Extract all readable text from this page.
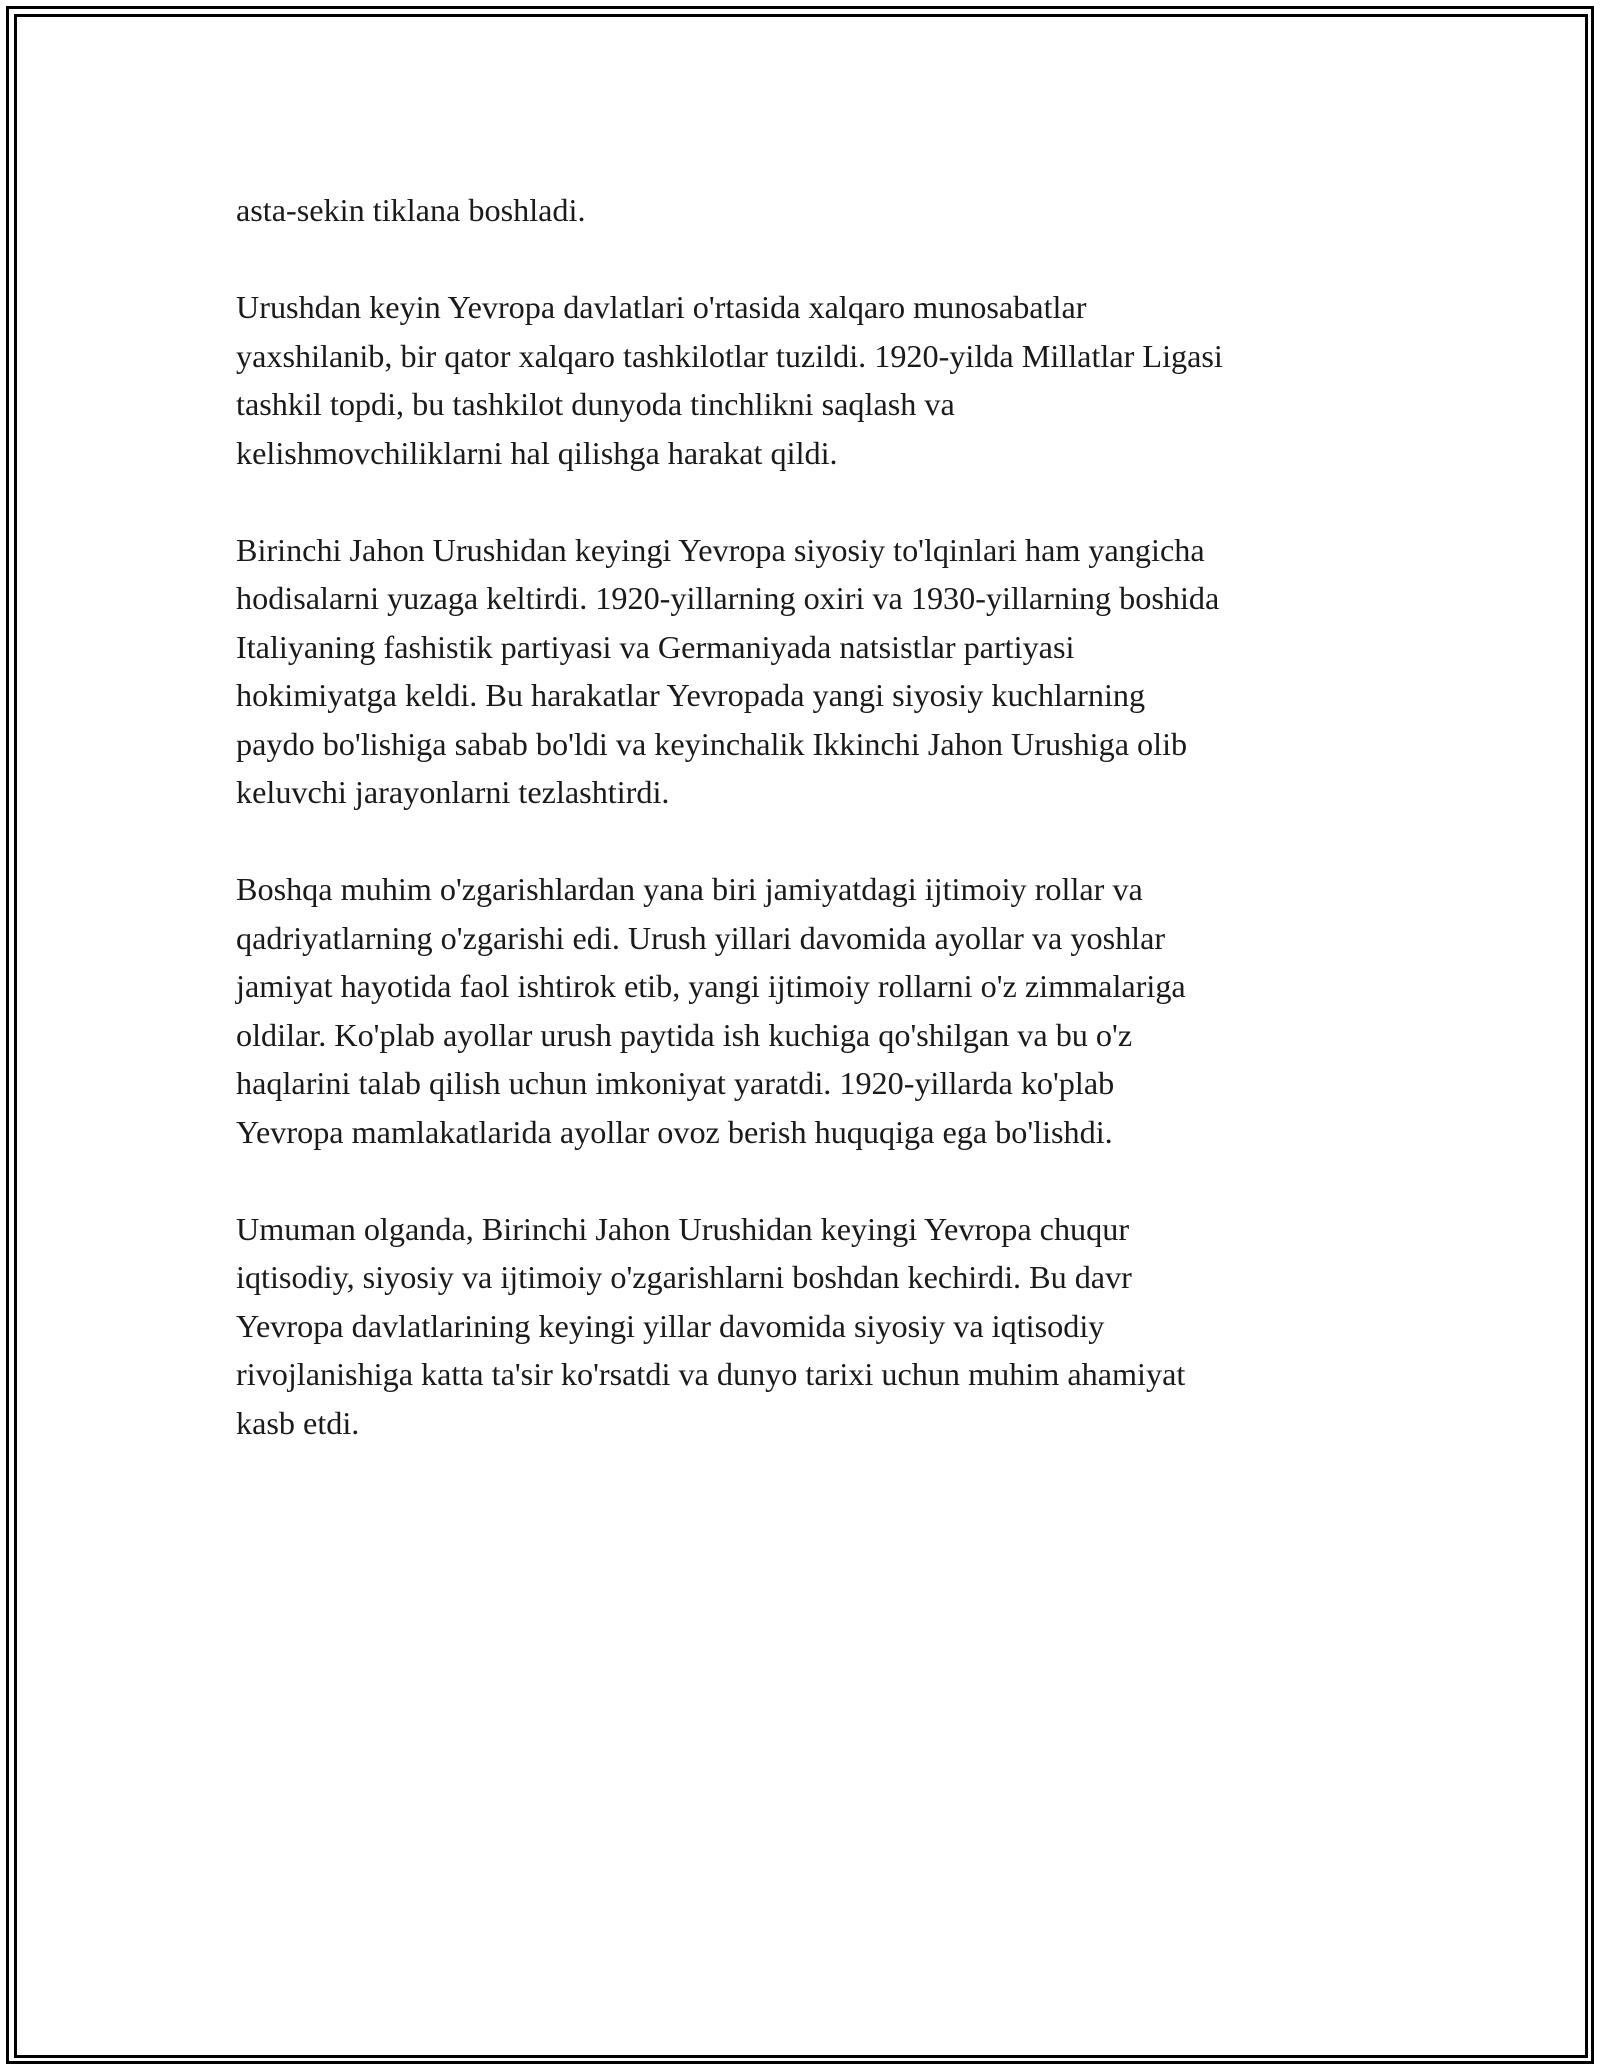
asta-sekin tiklana boshladi.

Urushdan keyin Yevropa davlatlari o'rtasida xalqaro munosabatlar
yaxshilanib, bir qator xalqaro tashkilotlar tuzildi. 1920-yilda Millatlar Ligasi
tashkil topdi, bu tashkilot dunyoda tinchlikni saqlash va
kelishmovchiliklarni hal qilishga harakat qildi.

Birinchi Jahon Urushidan keyingi Yevropa siyosiy to'lqinlari ham yangicha
hodisalarni yuzaga keltirdi. 1920-yillarning oxiri va 1930-yillarning boshida
Italiyaning fashistik partiyasi va Germaniyada natsistlar partiyasi
hokimiyatga keldi. Bu harakatlar Yevropada yangi siyosiy kuchlarning
paydo bo'lishiga sabab bo'ldi va keyinchalik Ikkinchi Jahon Urushiga olib
keluvchi jarayonlarni tezlashtirdi.

Boshqa muhim o'zgarishlardan yana biri jamiyatdagi ijtimoiy rollar va
qadriyatlarning o'zgarishi edi. Urush yillari davomida ayollar va yoshlar
jamiyat hayotida faol ishtirok etib, yangi ijtimoiy rollarni o'z zimmalariga
oldilar. Ko'plab ayollar urush paytida ish kuchiga qo'shilgan va bu o'z
haqlarini talab qilish uchun imkoniyat yaratdi. 1920-yillarda ko'plab
Yevropa mamlakatlarida ayollar ovoz berish huquqiga ega bo'lishdi.

Umuman olganda, Birinchi Jahon Urushidan keyingi Yevropa chuqur
iqtisodiy, siyosiy va ijtimoiy o'zgarishlarni boshdan kechirdi. Bu davr
Yevropa davlatlarining keyingi yillar davomida siyosiy va iqtisodiy
rivojlanishiga katta ta'sir ko'rsatdi va dunyo tarixi uchun muhim ahamiyat
kasb etdi.
